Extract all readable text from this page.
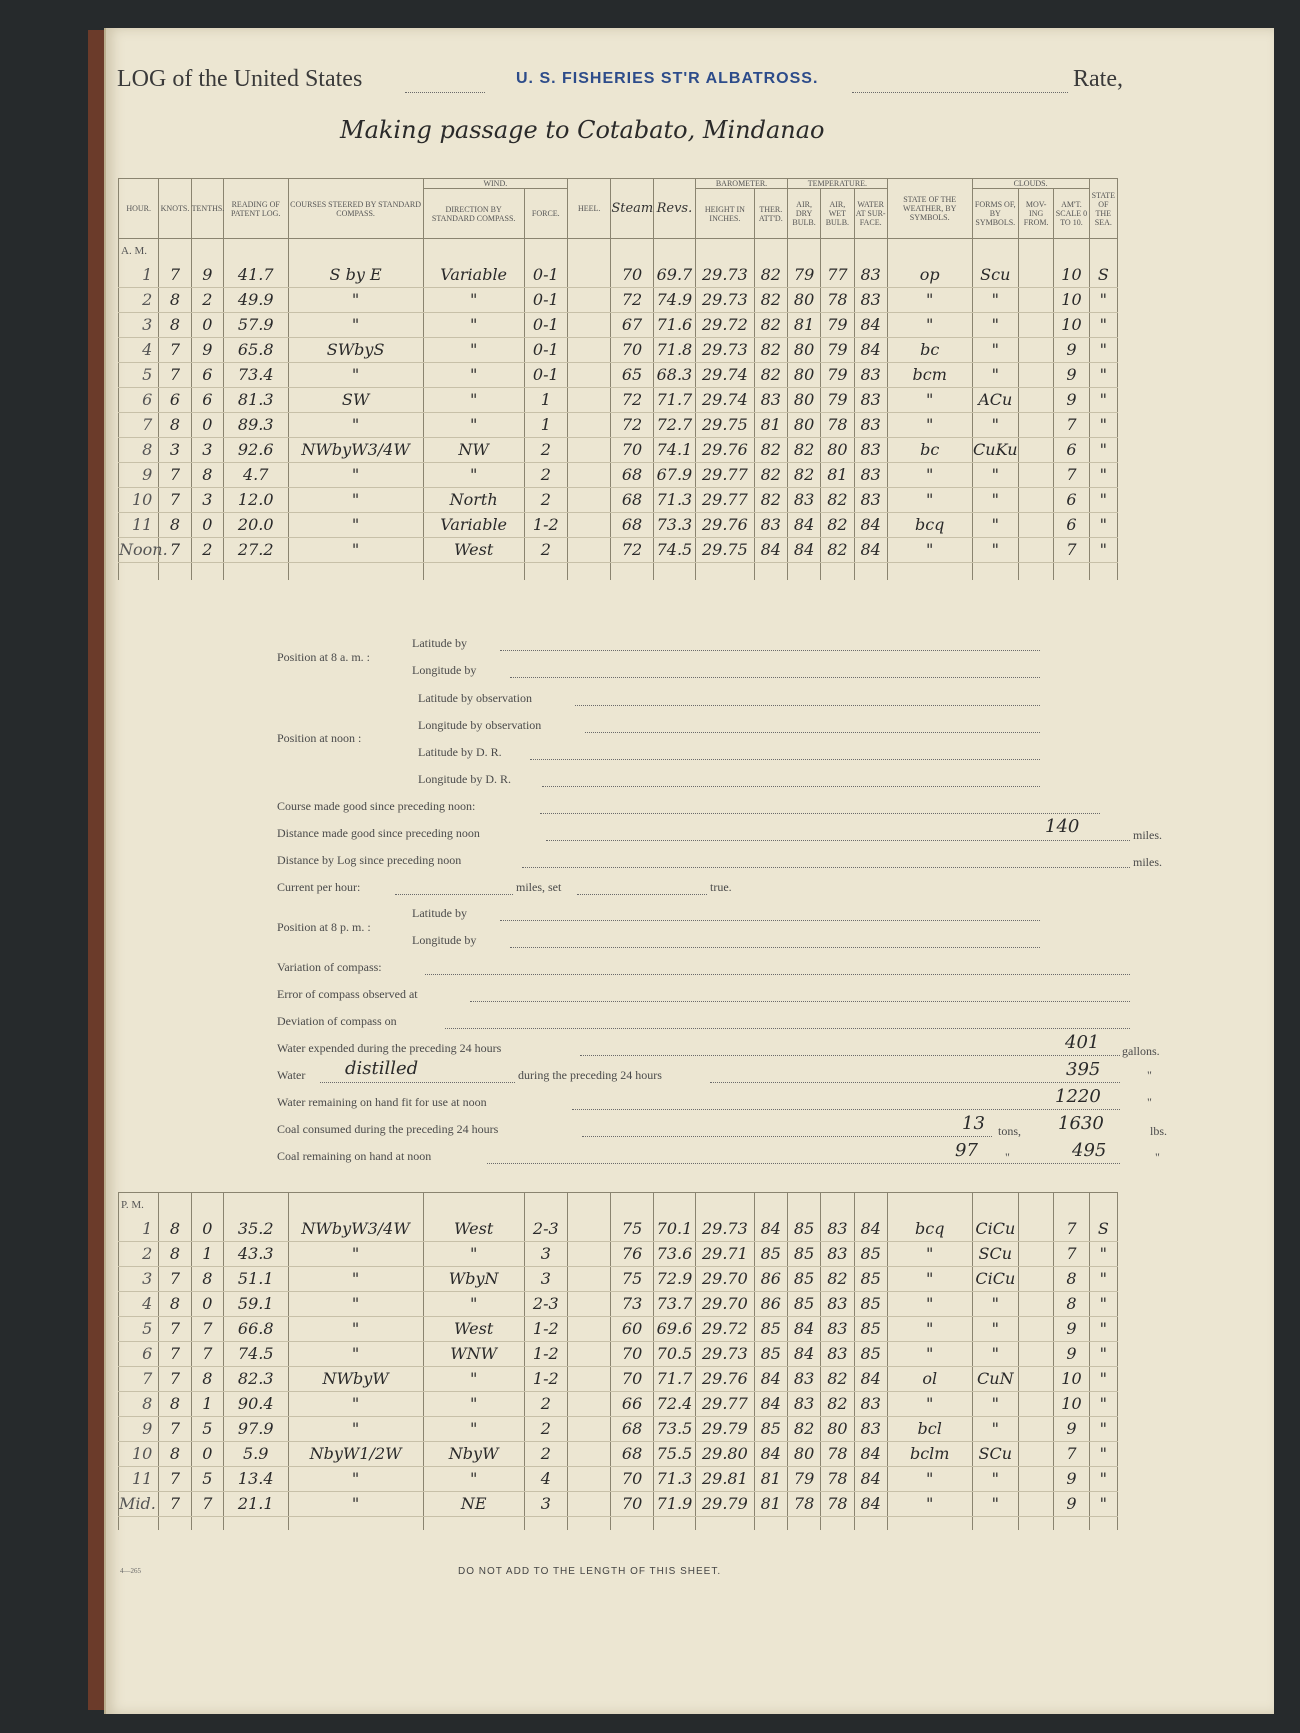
LOG of the United States	U. S. FISHERIES ST'R ALBATROSS.	Rate,
Making passage to Cotabato, Mindanao
HOUR.	KNOTS.	TENTHS.	READING OF PATENT LOG.	COURSES STEERED BY STANDARD COMPASS.	WIND.		HEEL.	Steam	Revs.	BAROMETER.		TEMPERATURE.			STATE OF THE WEATHER, BY SYMBOLS.	CLOUDS.			STATE OF THE SEA.
					DIRECTION BY STANDARD COMPASS.	FORCE.				HEIGHT IN INCHES.	THER. ATT'D.	AIR, DRY BULB.	AIR, WET BULB.	WATER AT SUR-FACE.		FORMS OF, BY SYMBOLS.	MOV-ING FROM.	AM'T. SCALE 0 TO 10.	
A. M.																			
1	7	9	41.7	S by E	Variable	0-1		70	69.7	29.73	82	79	77	83	op	Scu		10	S
2	8	2	49.9	"	"	0-1		72	74.9	29.73	82	80	78	83	"	"		10	"
3	8	0	57.9	"	"	0-1		67	71.6	29.72	82	81	79	84	"	"		10	"
4	7	9	65.8	SWbyS	"	0-1		70	71.8	29.73	82	80	79	84	bc	"		9	"
5	7	6	73.4	"	"	0-1		65	68.3	29.74	82	80	79	83	bcm	"		9	"
6	6	6	81.3	SW	"	1		72	71.7	29.74	83	80	79	83	"	ACu		9	"
7	8	0	89.3	"	"	1		72	72.7	29.75	81	80	78	83	"	"		7	"
8	3	3	92.6	NWbyW3/4W	NW	2		70	74.1	29.76	82	82	80	83	bc	CuKu		6	"
9	7	8	4.7	"	"	2		68	67.9	29.77	82	82	81	83	"	"		7	"
10	7	3	12.0	"	North	2		68	71.3	29.77	82	83	82	83	"	"		6	"
11	8	0	20.0	"	Variable	1-2		68	73.3	29.76	83	84	82	84	bcq	"		6	"
Noon.	7	2	27.2	"	West	2		72	74.5	29.75	84	84	82	84	"	"		7	"

Position at 8 a. m. :
Latitude by
Longitude by
Position at noon :
Latitude by observation
Longitude by observation
Latitude by D. R.
Longitude by D. R.
Course made good since preceding noon:
Distance made good since preceding noon	140	miles.
Distance by Log since preceding noon	miles.
Current per hour:	miles, set	true.
Position at 8 p. m. :
Latitude by
Longitude by
Variation of compass:
Error of compass observed at
Deviation of compass on
Water expended during the preceding 24 hours	401 gallons.
Water distilled	during the preceding 24 hours	395	"
Water remaining on hand fit for use at noon	1220	"
Coal consumed during the preceding 24 hours	13 tons, 1630	lbs.
Coal remaining on hand at noon	97 "	495	"
P. M.																			
1	8	0	35.2	NWbyW3/4W	West	2-3		75	70.1	29.73	84	85	83	84	bcq	CiCu		7	S
2	8	1	43.3	"	"	3		76	73.6	29.71	85	85	83	85	"	SCu		7	"
3	7	8	51.1	"	WbyN	3		75	72.9	29.70	86	85	82	85	"	CiCu		8	"
4	8	0	59.1	"	"	2-3		73	73.7	29.70	86	85	83	85	"	"		8	"
5	7	7	66.8	"	West	1-2		60	69.6	29.72	85	84	83	85	"	"		9	"
6	7	7	74.5	"	WNW	1-2		70	70.5	29.73	85	84	83	85	"	"		9	"
7	7	8	82.3	NWbyW	"	1-2		70	71.7	29.76	84	83	82	84	ol	CuN		10	"
8	8	1	90.4	"	"	2		66	72.4	29.77	84	83	82	83	"	"		10	"
9	7	5	97.9	"	"	2		68	73.5	29.79	85	82	80	83	bcl	"		9	"
10	8	0	5.9	NbyW1/2W	NbyW	2		68	75.5	29.80	84	80	78	84	bclm	SCu		7	"
11	7	5	13.4	"	"	4		70	71.3	29.81	81	79	78	84	"	"		9	"
Mid.	7	7	21.1	"	NE	3		70	71.9	29.79	81	78	78	84	"	"		9	"

4—265	DO NOT ADD TO THE LENGTH OF THIS SHEET.
